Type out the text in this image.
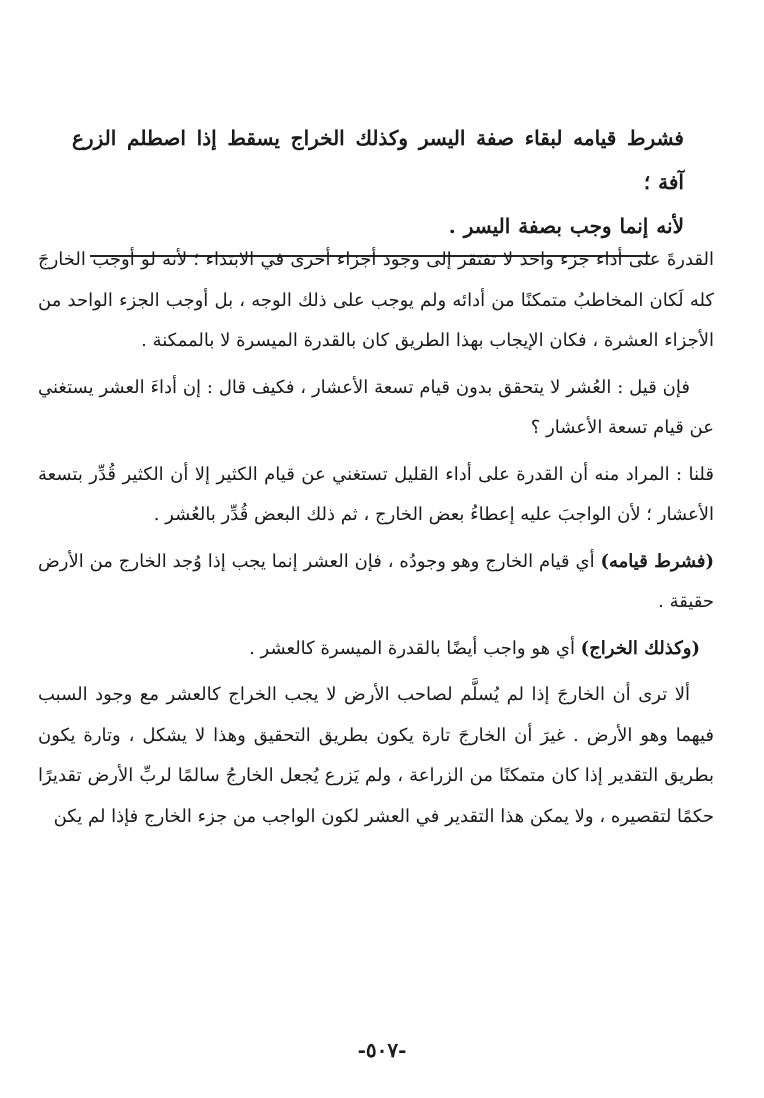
فشرط قيامه لبقاء صفة اليسر وكذلك الخراج يسقط إذا اصطلم الزرع آفة ؛
لأنه إنما وجب بصفة اليسر .

القدرةَ على أداء جزء واحد لا تفتقر إلى وجود أجزاء أخرى في الابتداء ؛ لأنه لو أوجب الخارجَ كله لَكان المخاطبُ متمكنًا من أدائه ولم يوجب على ذلك الوجه ، بل أوجب الجزء الواحد من الأجزاء العشرة ، فكان الإيجاب بهذا الطريق كان بالقدرة الميسرة لا بالممكنة .

فإن قيل : العُشر لا يتحقق بدون قيام تسعة الأعشار ، فكيف قال : إن أداءَ العشر يستغني عن قيام تسعة الأعشار ؟

قلنا : المراد منه أن القدرة على أداء القليل تستغني عن قيام الكثير إلا أن الكثير قُدِّر بتسعة الأعشار ؛ لأن الواجبَ عليه إعطاءُ بعض الخارج ، ثم ذلك البعض قُدِّر بالعُشر .

(فشرط قيامه) أي قيام الخارج وهو وجودُه ، فإن العشر إنما يجب إذا وُجد الخارج من الأرض حقيقة .

(وكذلك الخراج) أي هو واجب أيضًا بالقدرة الميسرة كالعشر .

ألا ترى أن الخارجَ إذا لم يُسلَّم لصاحب الأرض لا يجب الخراج كالعشر مع وجود السبب فيهما وهو الأرض . غيرَ أن الخارجَ تارة يكون بطريق التحقيق وهذا لا يشكل ، وتارة يكون بطريق التقدير إذا كان متمكنًا من الزراعة ، ولم يَزرع يُجعل الخارجُ سالمًا لربِّ الأرض تقديرًا حكمًا لتقصيره ، ولا يمكن هذا التقدير في العشر لكون الواجب من جزء الخارج فإذا لم يكن

-٥٠٧-
